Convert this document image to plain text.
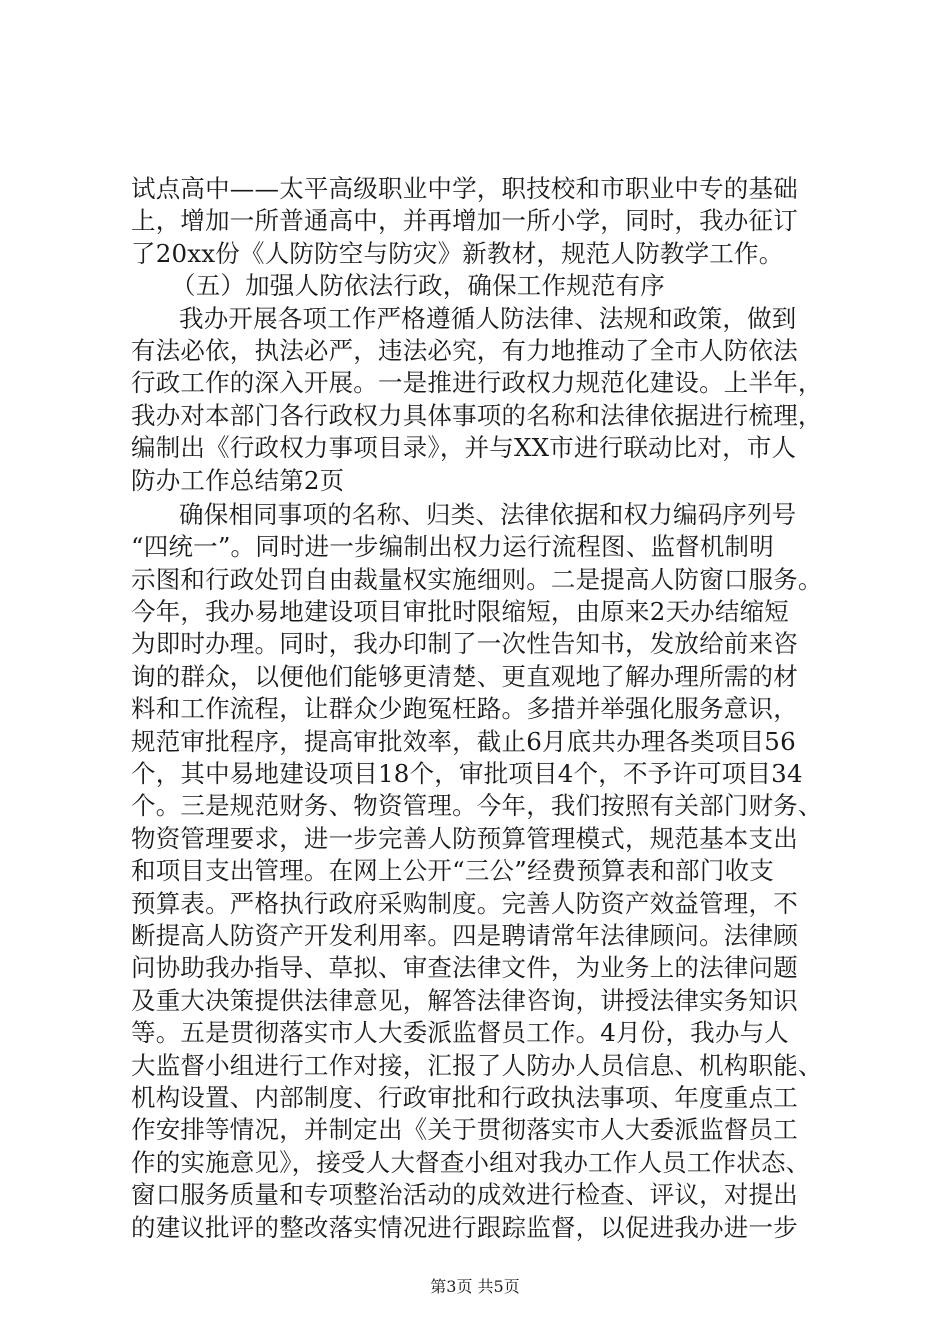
试点高中——太平高级职业中学，职技校和市职业中专的基础
上，增加一所普通高中，并再增加一所小学，同时，我办征订
了20xx份《人防防空与防灾》新教材，规范人防教学工作。
（五）加强人防依法行政，确保工作规范有序
我办开展各项工作严格遵循人防法律、法规和政策，做到
有法必依，执法必严，违法必究，有力地推动了全市人防依法
行政工作的深入开展。一是推进行政权力规范化建设。上半年，
我办对本部门各行政权力具体事项的名称和法律依据进行梳理，
编制出《行政权力事项目录》，并与XX市进行联动比对，市人
防办工作总结第2页
确保相同事项的名称、归类、法律依据和权力编码序列号
“四统一”。同时进一步编制出权力运行流程图、监督机制明
示图和行政处罚自由裁量权实施细则。二是提高人防窗口服务。
今年，我办易地建设项目审批时限缩短，由原来2天办结缩短
为即时办理。同时，我办印制了一次性告知书，发放给前来咨
询的群众，以便他们能够更清楚、更直观地了解办理所需的材
料和工作流程，让群众少跑冤枉路。多措并举强化服务意识，
规范审批程序，提高审批效率，截止6月底共办理各类项目56
个，其中易地建设项目18个，审批项目4个，不予许可项目34
个。三是规范财务、物资管理。今年，我们按照有关部门财务、
物资管理要求，进一步完善人防预算管理模式，规范基本支出
和项目支出管理。在网上公开“三公”经费预算表和部门收支
预算表。严格执行政府采购制度。完善人防资产效益管理，不
断提高人防资产开发利用率。四是聘请常年法律顾问。法律顾
问协助我办指导、草拟、审查法律文件，为业务上的法律问题
及重大决策提供法律意见，解答法律咨询，讲授法律实务知识
等。五是贯彻落实市人大委派监督员工作。4月份，我办与人
大监督小组进行工作对接，汇报了人防办人员信息、机构职能、
机构设置、内部制度、行政审批和行政执法事项、年度重点工
作安排等情况，并制定出《关于贯彻落实市人大委派监督员工
作的实施意见》，接受人大督查小组对我办工作人员工作状态、
窗口服务质量和专项整治活动的成效进行检查、评议，对提出
的建议批评的整改落实情况进行跟踪监督，以促进我办进一步
第3页 共5页
